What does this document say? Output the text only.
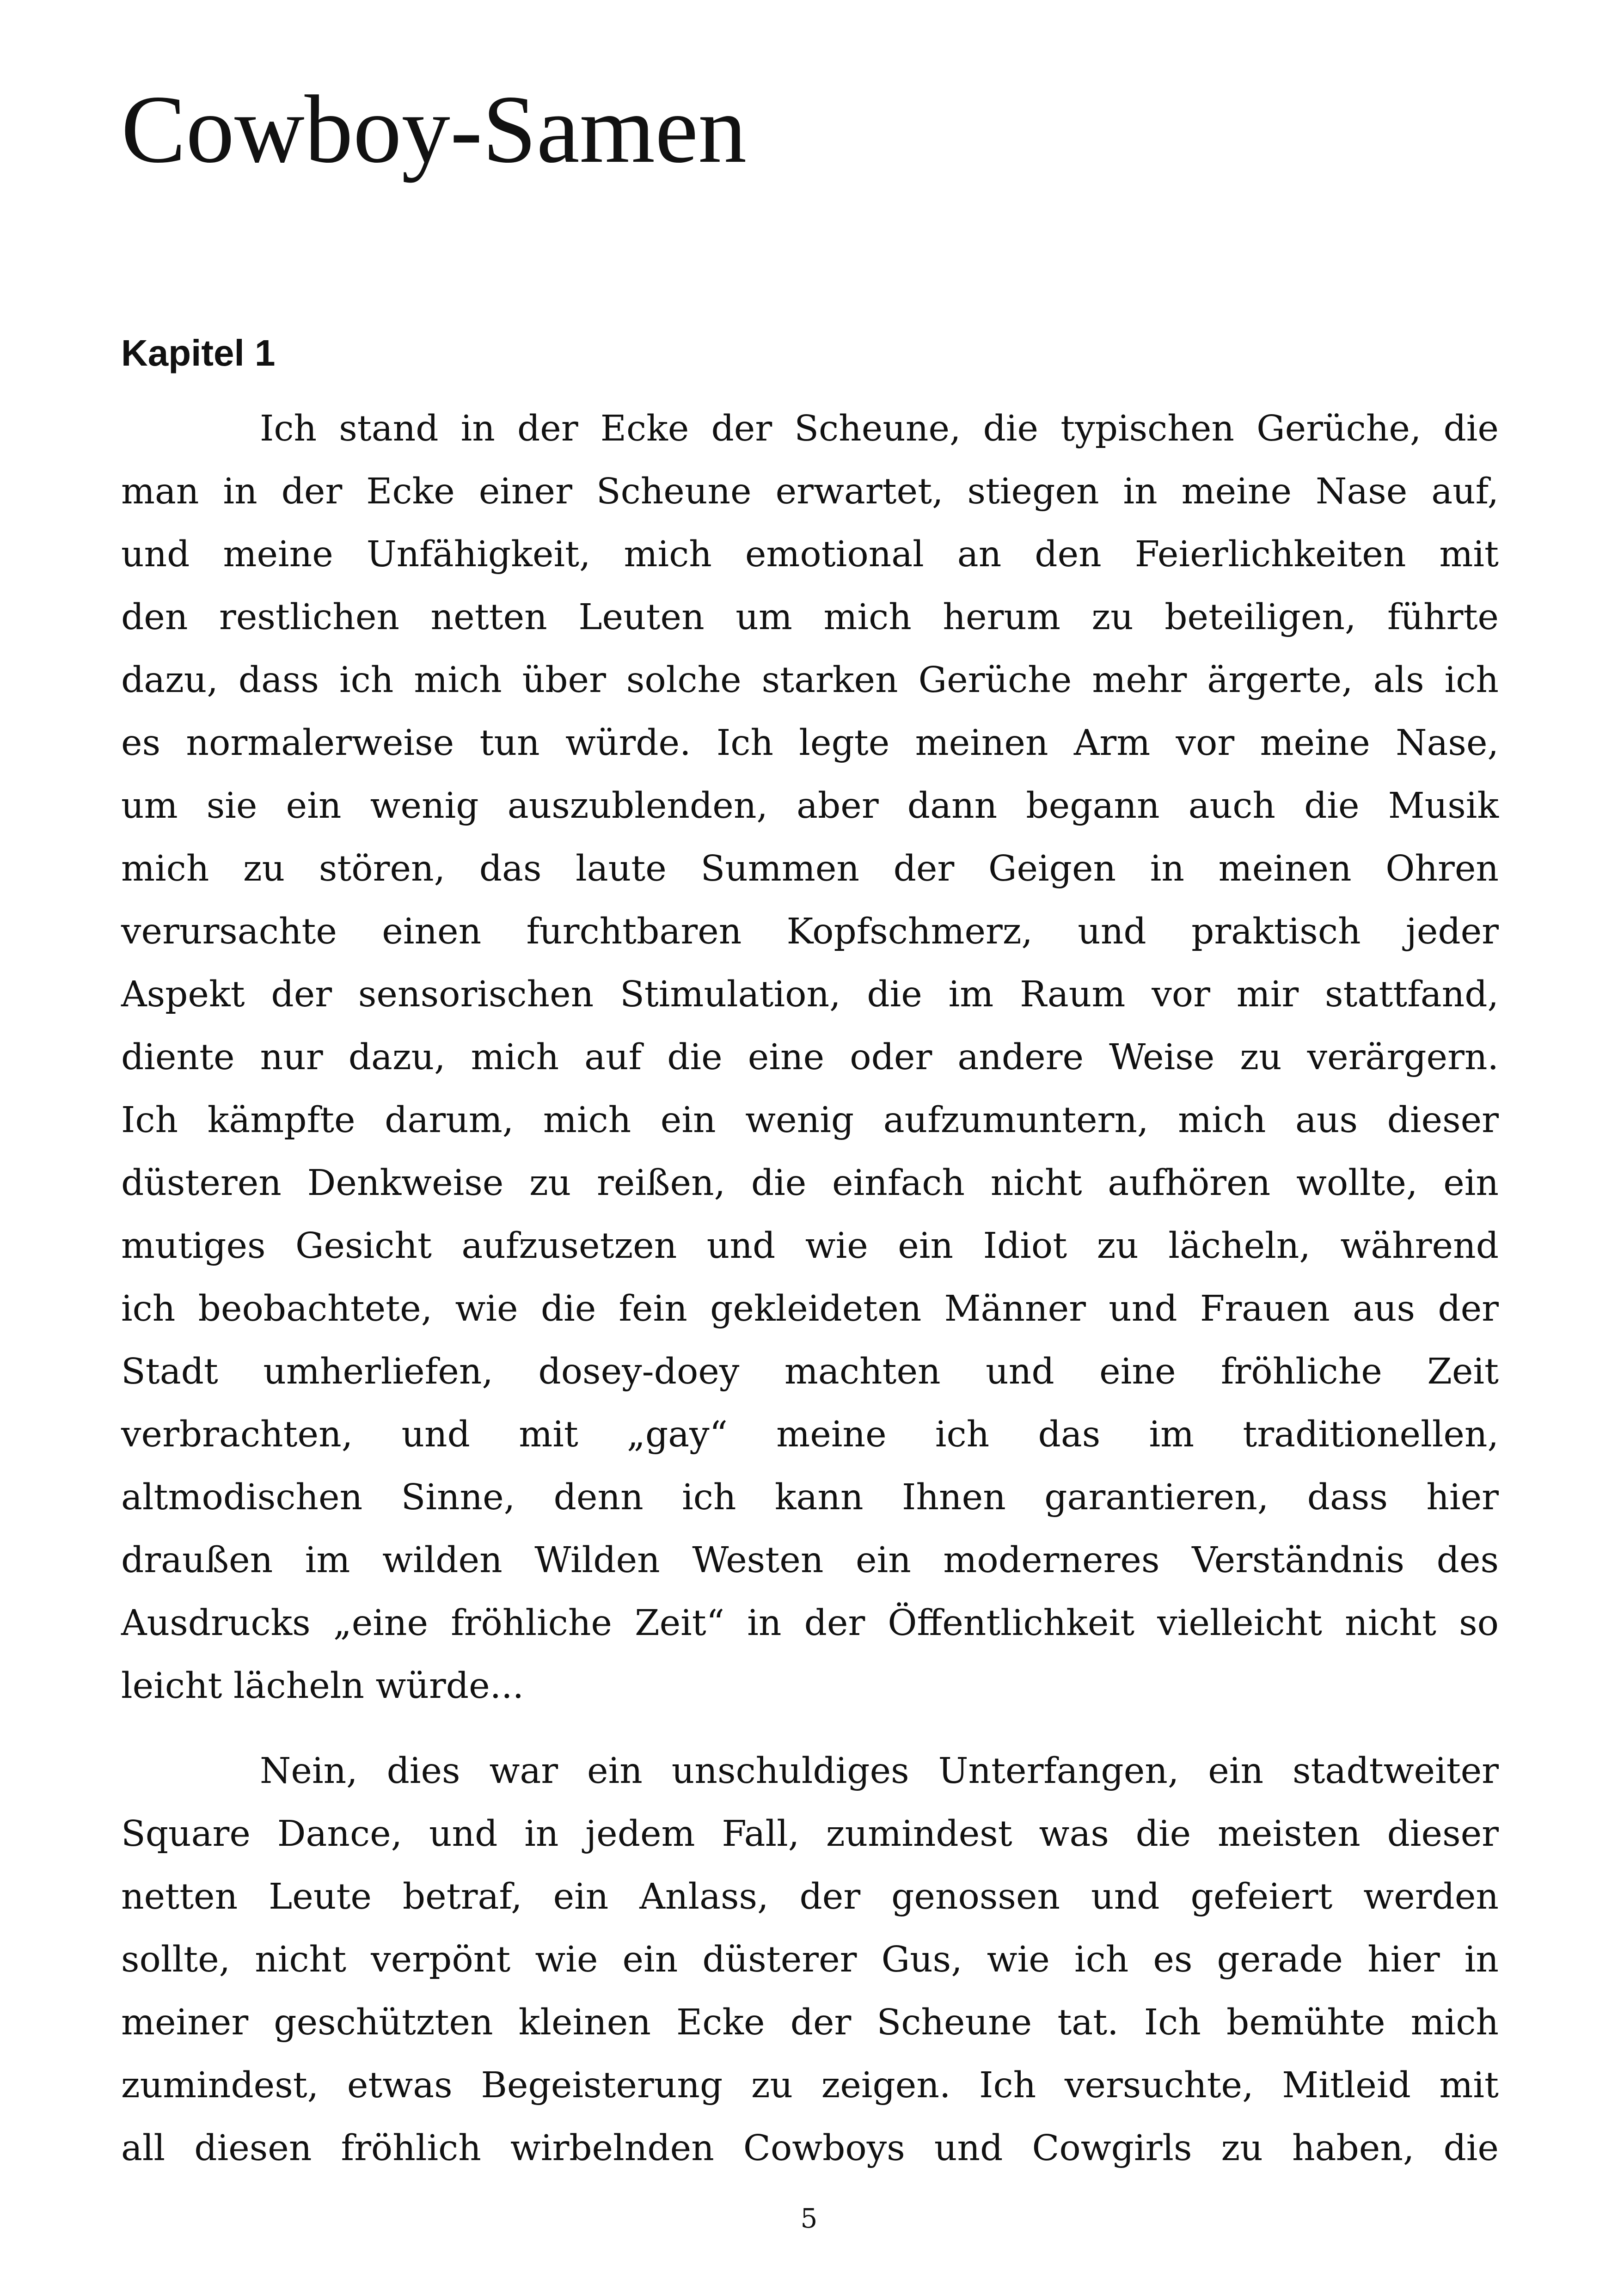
Cowboy-Samen
Kapitel 1
Ich stand in der Ecke der Scheune, die typischen Gerüche, die
man in der Ecke einer Scheune erwartet, stiegen in meine Nase auf,
und meine Unfähigkeit, mich emotional an den Feierlichkeiten mit
den restlichen netten Leuten um mich herum zu beteiligen, führte
dazu, dass ich mich über solche starken Gerüche mehr ärgerte, als ich
es normalerweise tun würde. Ich legte meinen Arm vor meine Nase,
um sie ein wenig auszublenden, aber dann begann auch die Musik
mich zu stören, das laute Summen der Geigen in meinen Ohren
verursachte einen furchtbaren Kopfschmerz, und praktisch jeder
Aspekt der sensorischen Stimulation, die im Raum vor mir stattfand,
diente nur dazu, mich auf die eine oder andere Weise zu verärgern.
Ich kämpfte darum, mich ein wenig aufzumuntern, mich aus dieser
düsteren Denkweise zu reißen, die einfach nicht aufhören wollte, ein
mutiges Gesicht aufzusetzen und wie ein Idiot zu lächeln, während
ich beobachtete, wie die fein gekleideten Männer und Frauen aus der
Stadt umherliefen, dosey-doey machten und eine fröhliche Zeit
verbrachten, und mit „gay“ meine ich das im traditionellen,
altmodischen Sinne, denn ich kann Ihnen garantieren, dass hier
draußen im wilden Wilden Westen ein moderneres Verständnis des
Ausdrucks „eine fröhliche Zeit“ in der Öffentlichkeit vielleicht nicht so
leicht lächeln würde...
Nein, dies war ein unschuldiges Unterfangen, ein stadtweiter
Square Dance, und in jedem Fall, zumindest was die meisten dieser
netten Leute betraf, ein Anlass, der genossen und gefeiert werden
sollte, nicht verpönt wie ein düsterer Gus, wie ich es gerade hier in
meiner geschützten kleinen Ecke der Scheune tat. Ich bemühte mich
zumindest, etwas Begeisterung zu zeigen. Ich versuchte, Mitleid mit
all diesen fröhlich wirbelnden Cowboys und Cowgirls zu haben, die
5
